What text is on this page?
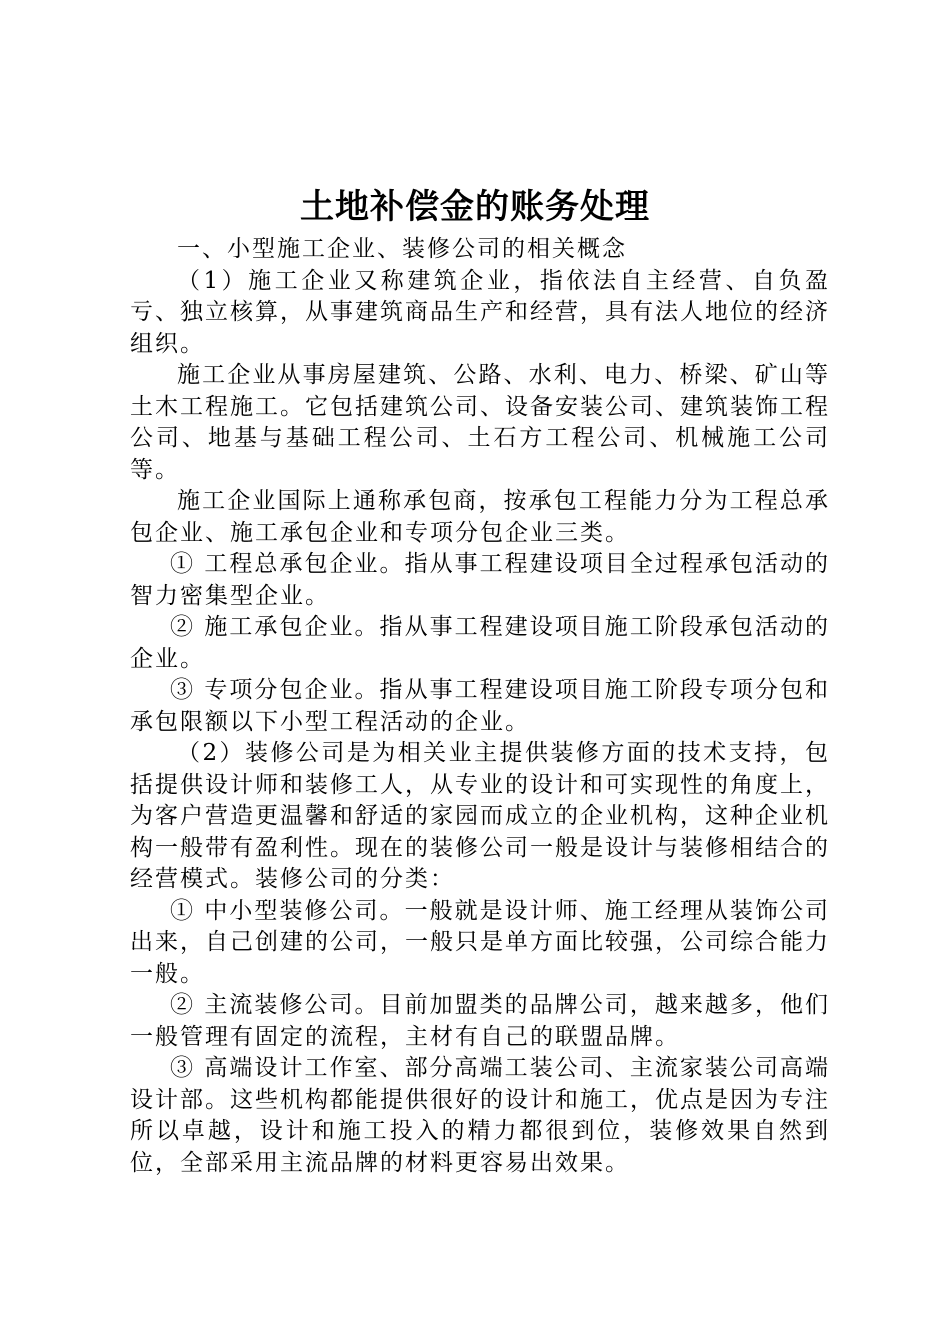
土地补偿金的账务处理

一、小型施工企业、装修公司的相关概念

（1）施工企业又称建筑企业，指依法自主经营、自负盈亏、独立核算，从事建筑商品生产和经营，具有法人地位的经济组织。

施工企业从事房屋建筑、公路、水利、电力、桥梁、矿山等土木工程施工。它包括建筑公司、设备安装公司、建筑装饰工程公司、地基与基础工程公司、土石方工程公司、机械施工公司等。

施工企业国际上通称承包商，按承包工程能力分为工程总承包企业、施工承包企业和专项分包企业三类。

① 工程总承包企业。指从事工程建设项目全过程承包活动的智力密集型企业。

② 施工承包企业。指从事工程建设项目施工阶段承包活动的企业。

③ 专项分包企业。指从事工程建设项目施工阶段专项分包和承包限额以下小型工程活动的企业。

（2）装修公司是为相关业主提供装修方面的技术支持，包括提供设计师和装修工人，从专业的设计和可实现性的角度上，为客户营造更温馨和舒适的家园而成立的企业机构，这种企业机构一般带有盈利性。现在的装修公司一般是设计与装修相结合的经营模式。装修公司的分类：

① 中小型装修公司。一般就是设计师、施工经理从装饰公司出来，自己创建的公司，一般只是单方面比较强，公司综合能力一般。

② 主流装修公司。目前加盟类的品牌公司，越来越多，他们一般管理有固定的流程，主材有自己的联盟品牌。

③ 高端设计工作室、部分高端工装公司、主流家装公司高端设计部。这些机构都能提供很好的设计和施工，优点是因为专注所以卓越，设计和施工投入的精力都很到位，装修效果自然到位，全部采用主流品牌的材料更容易出效果。
